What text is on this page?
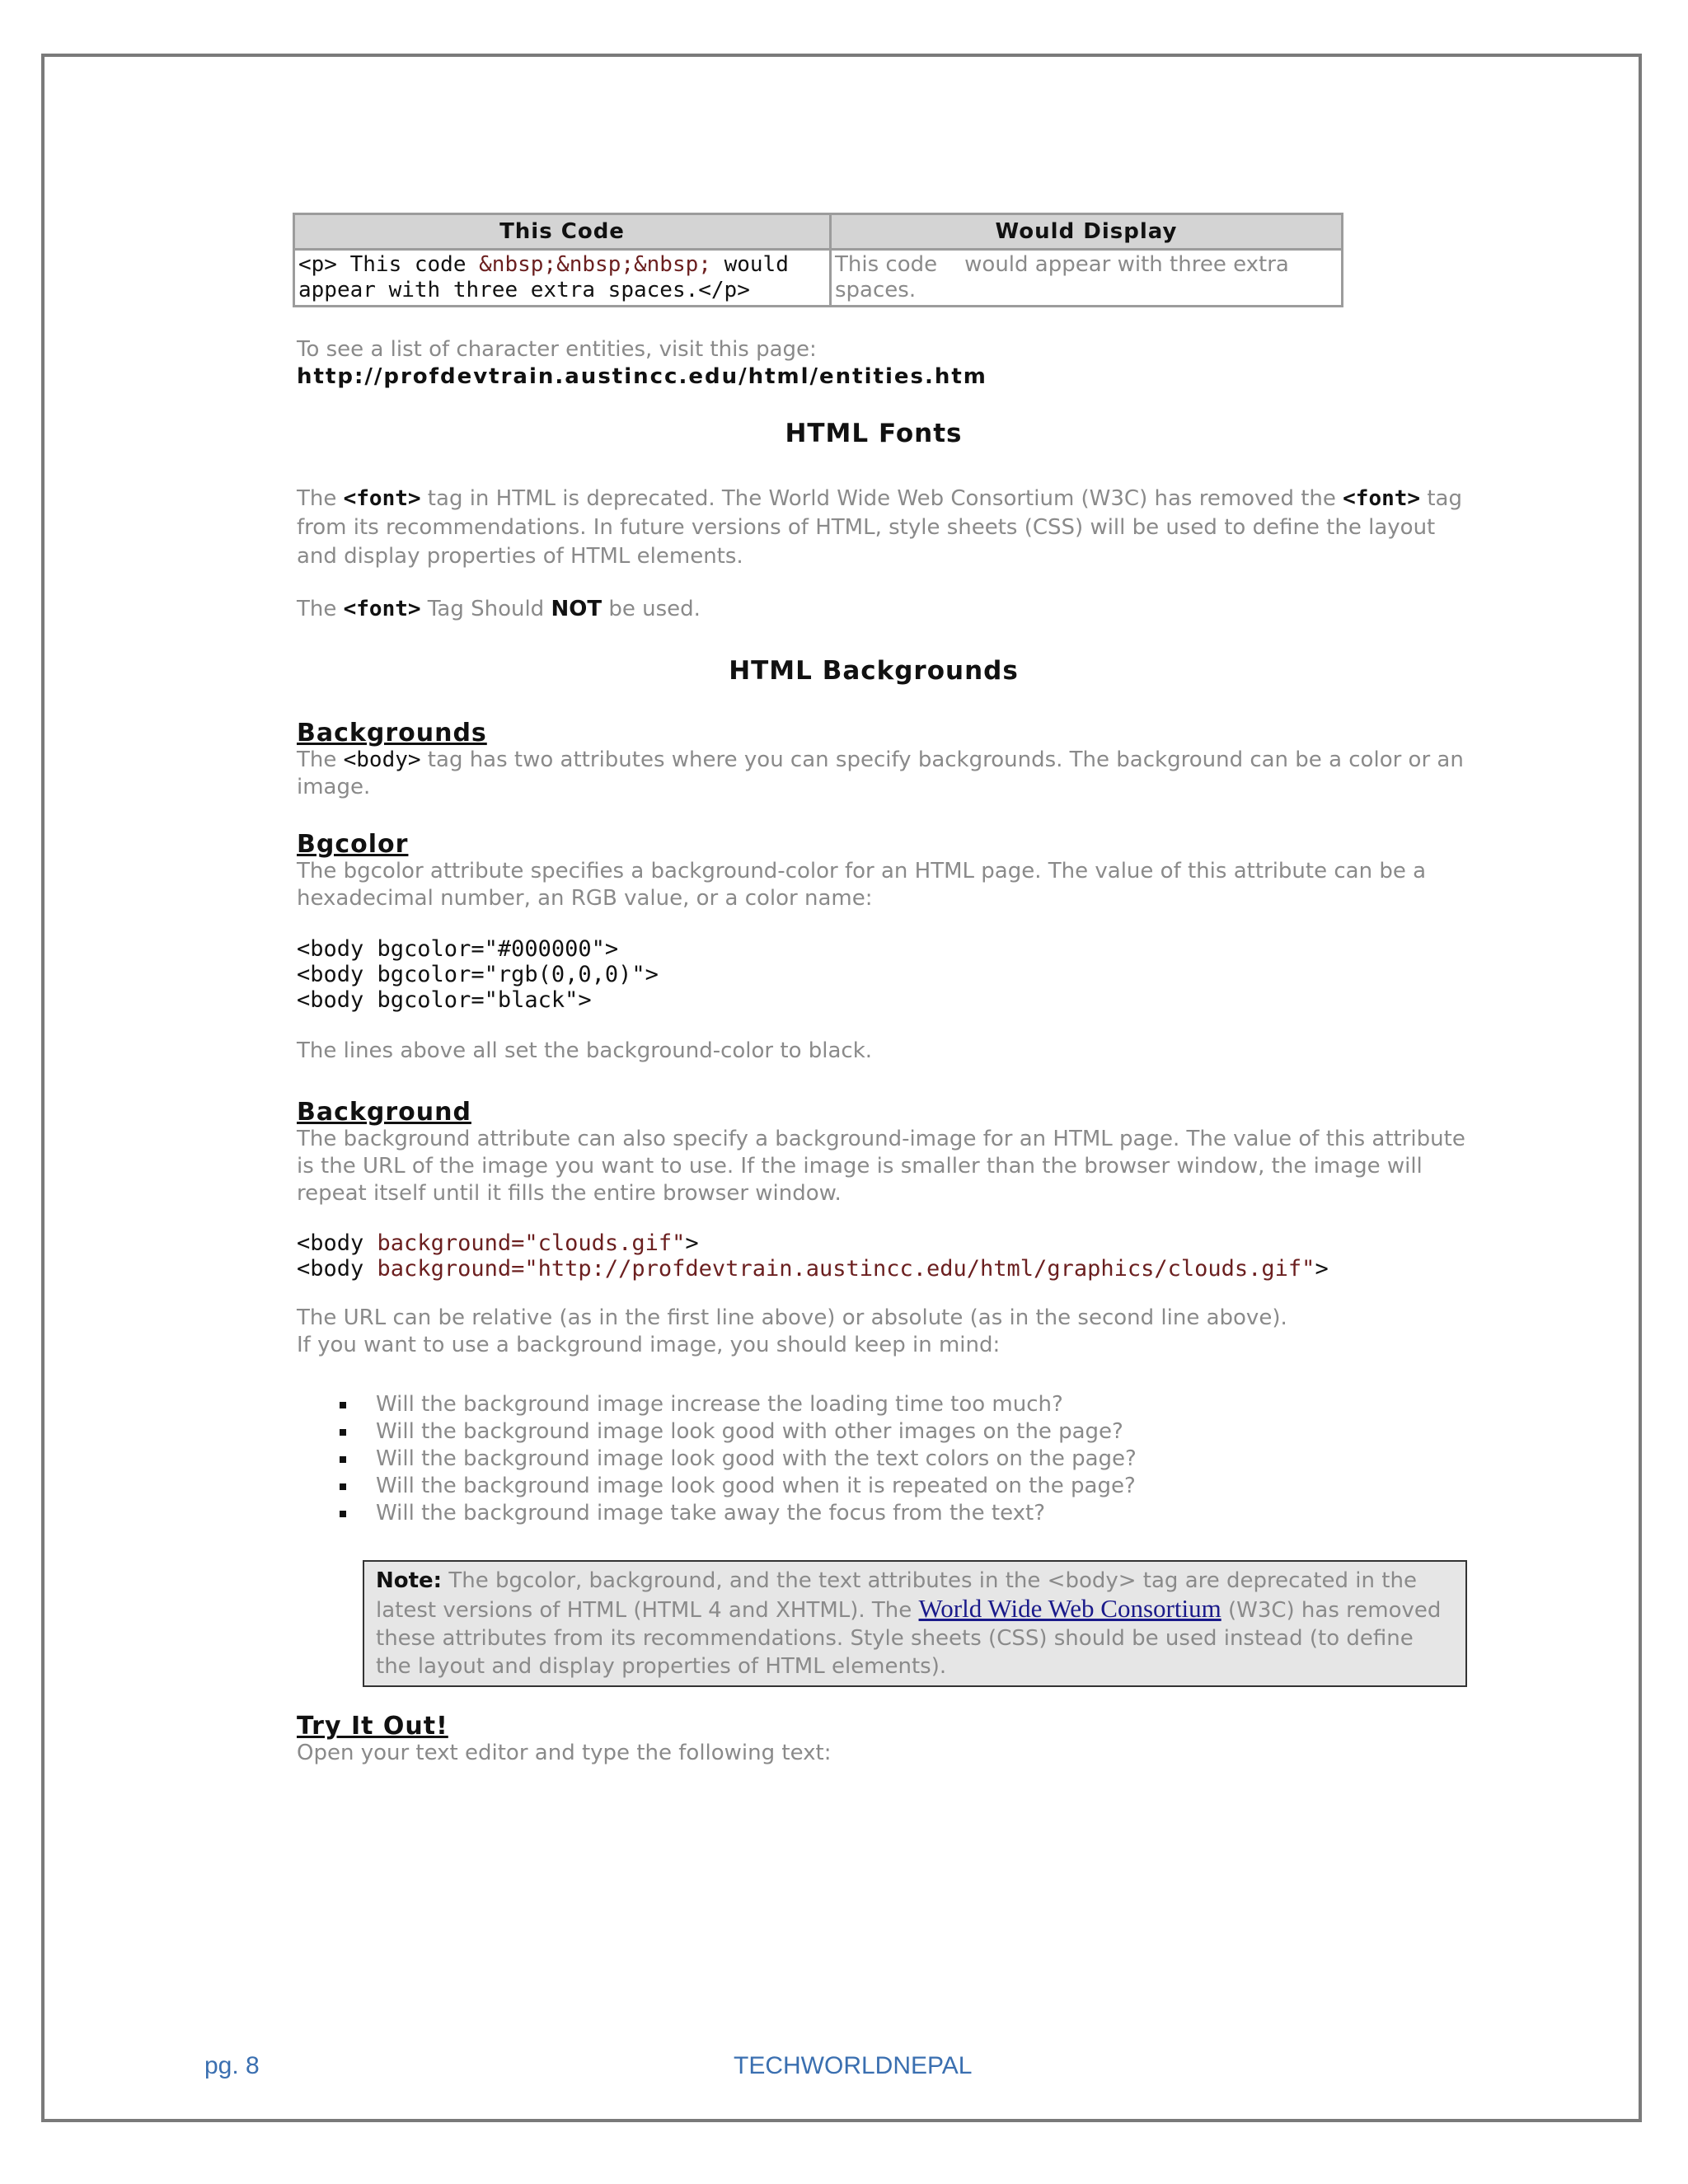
This Code	Would Display
<p> This code &nbsp;&nbsp;&nbsp; would appear with three extra spaces.</p>	This code    would appear with three extra spaces.
To see a list of character entities, visit this page:
http://profdevtrain.austincc.edu/html/entities.htm
HTML Fonts
The <font> tag in HTML is deprecated. The World Wide Web Consortium (W3C) has removed the <font> tag from its recommendations. In future versions of HTML, style sheets (CSS) will be used to define the layout and display properties of HTML elements.
The <font> Tag Should NOT be used.
HTML Backgrounds
Backgrounds
The <body> tag has two attributes where you can specify backgrounds. The background can be a color or an image.
Bgcolor
The bgcolor attribute specifies a background-color for an HTML page. The value of this attribute can be a hexadecimal number, an RGB value, or a color name:
<body bgcolor="#000000">
<body bgcolor="rgb(0,0,0)">
<body bgcolor="black">
The lines above all set the background-color to black.
Background
The background attribute can also specify a background-image for an HTML page. The value of this attribute is the URL of the image you want to use. If the image is smaller than the browser window, the image will repeat itself until it fills the entire browser window.
<body background="clouds.gif">
<body background="http://profdevtrain.austincc.edu/html/graphics/clouds.gif">
The URL can be relative (as in the first line above) or absolute (as in the second line above).
If you want to use a background image, you should keep in mind:
Will the background image increase the loading time too much?
Will the background image look good with other images on the page?
Will the background image look good with the text colors on the page?
Will the background image look good when it is repeated on the page?
Will the background image take away the focus from the text?
Note: The bgcolor, background, and the text attributes in the <body> tag are deprecated in the latest versions of HTML (HTML 4 and XHTML). The World Wide Web Consortium (W3C) has removed these attributes from its recommendations. Style sheets (CSS) should be used instead (to define the layout and display properties of HTML elements).
Try It Out!
Open your text editor and type the following text:
pg. 8	TECHWORLDNEPAL
